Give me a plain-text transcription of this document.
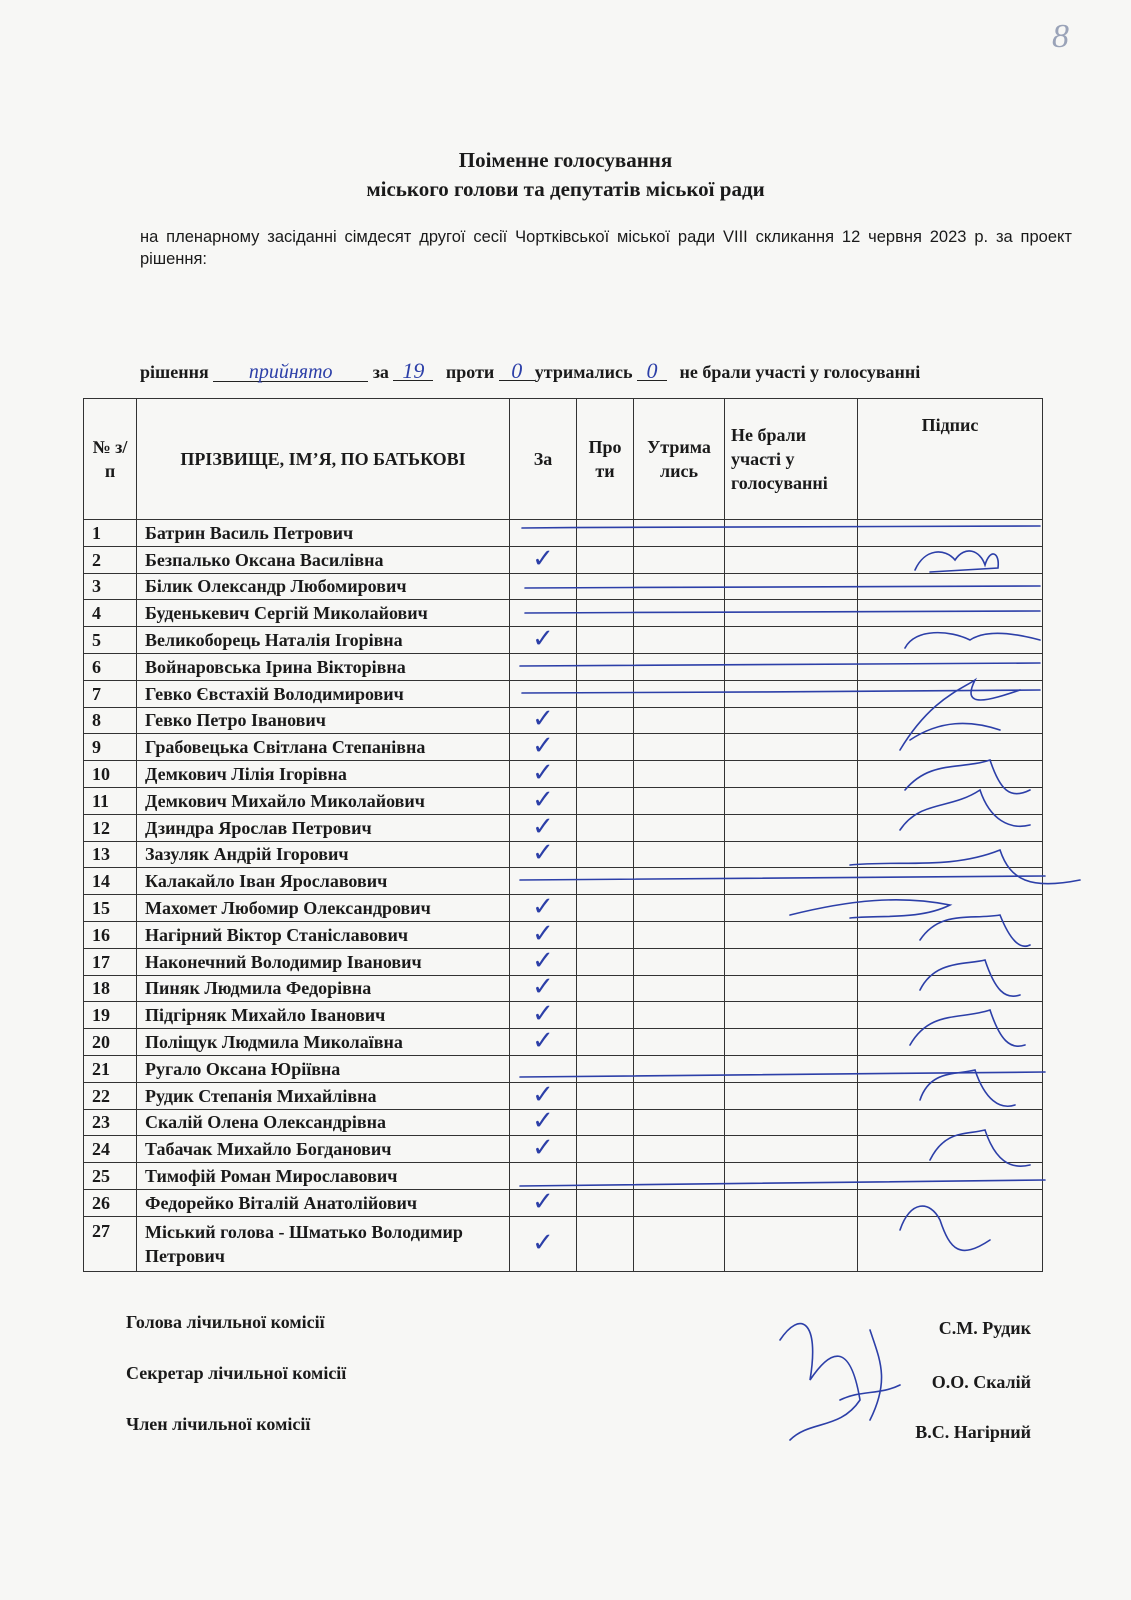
8
Поіменне голосування
міського голови та депутатів міської ради
на пленарному засіданні сімдесят другої сесії Чортківської міської ради VIII скликання 12 червня 2023 р. за проект рішення:
рішення прийнято за 19 проти 0 утримались 0 не брали участі у голосуванні
№ з/п	ПРІЗВИЩЕ, ІМ’Я, ПО БАТЬКОВІ	За	Про ти	Утрима лись	Не брали участі у голосуванні	Підпис
1	Батрин Василь Петрович					
2	Безпалько Оксана Василівна	✓				
3	Білик Олександр Любомирович					
4	Буденькевич Сергій Миколайович					
5	Великоборець Наталія Ігорівна	✓				
6	Войнаровська Ірина Вікторівна					
7	Гевко Євстахій Володимирович					
8	Гевко Петро Іванович	✓				
9	Грабовецька Світлана Степанівна	✓				
10	Демкович Лілія Ігорівна	✓				
11	Демкович Михайло Миколайович	✓				
12	Дзиндра Ярослав Петрович	✓				
13	Зазуляк Андрій Ігорович	✓				
14	Калакайло Іван Ярославович					
15	Махомет Любомир Олександрович	✓				
16	Нагірний Віктор Станіславович	✓				
17	Наконечний Володимир Іванович	✓				
18	Пиняк Людмила Федорівна	✓				
19	Підгірняк Михайло Іванович	✓				
20	Поліщук Людмила Миколаївна	✓				
21	Ругало Оксана Юріївна					
22	Рудик Степанія Михайлівна	✓				
23	Скалій Олена Олександрівна	✓				
24	Табачак Михайло Богданович	✓				
25	Тимофій Роман Мирославович					
26	Федорейко Віталій Анатолійович	✓				
27	Міський голова - Шматько Володимир Петрович	✓				
Голова лічильної комісії
Секретар лічильної комісії
Член лічильної комісії
С.М. Рудик
О.О. Скалій
В.С. Нагірний
